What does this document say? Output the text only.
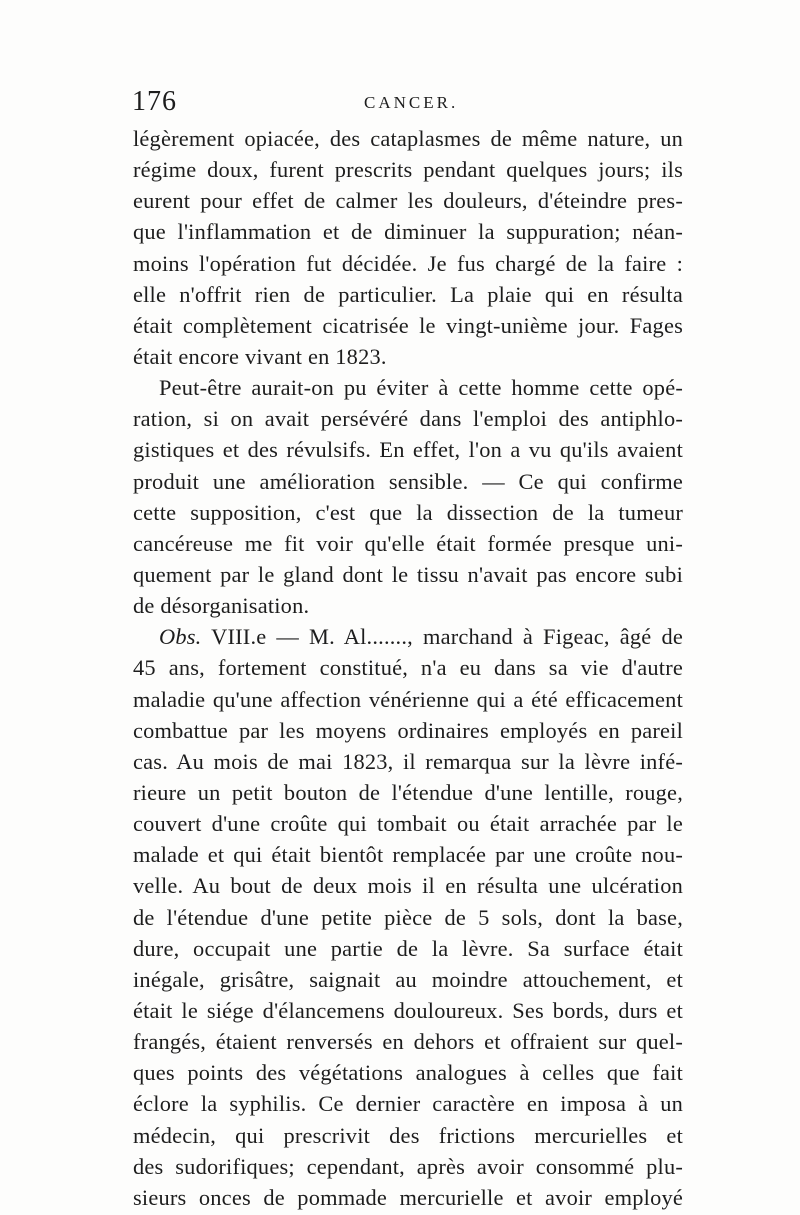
176	CANCER.
légèrement opiacée, des cataplasmes de même nature, un
régime doux, furent prescrits pendant quelques jours; ils
eurent pour effet de calmer les douleurs, d'éteindre pres-
que l'inflammation et de diminuer la suppuration; néan-
moins l'opération fut décidée. Je fus chargé de la faire :
elle n'offrit rien de particulier. La plaie qui en résulta
était complètement cicatrisée le vingt-unième jour. Fages
était encore vivant en 1823.
Peut-être aurait-on pu éviter à cette homme cette opé-
ration, si on avait persévéré dans l'emploi des antiphlo-
gistiques et des révulsifs. En effet, l'on a vu qu'ils avaient
produit une amélioration sensible. — Ce qui confirme
cette supposition, c'est que la dissection de la tumeur
cancéreuse me fit voir qu'elle était formée presque uni-
quement par le gland dont le tissu n'avait pas encore subi
de désorganisation.
Obs. VIII.e — M. Al......., marchand à Figeac, âgé de
45 ans, fortement constitué, n'a eu dans sa vie d'autre
maladie qu'une affection vénérienne qui a été efficacement
combattue par les moyens ordinaires employés en pareil
cas. Au mois de mai 1823, il remarqua sur la lèvre infé-
rieure un petit bouton de l'étendue d'une lentille, rouge,
couvert d'une croûte qui tombait ou était arrachée par le
malade et qui était bientôt remplacée par une croûte nou-
velle. Au bout de deux mois il en résulta une ulcération
de l'étendue d'une petite pièce de 5 sols, dont la base,
dure, occupait une partie de la lèvre. Sa surface était
inégale, grisâtre, saignait au moindre attouchement, et
était le siége d'élancemens douloureux. Ses bords, durs et
frangés, étaient renversés en dehors et offraient sur quel-
ques points des végétations analogues à celles que fait
éclore la syphilis. Ce dernier caractère en imposa à un
médecin, qui prescrivit des frictions mercurielles et
des sudorifiques; cependant, après avoir consommé plu-
sieurs onces de pommade mercurielle et avoir employé
